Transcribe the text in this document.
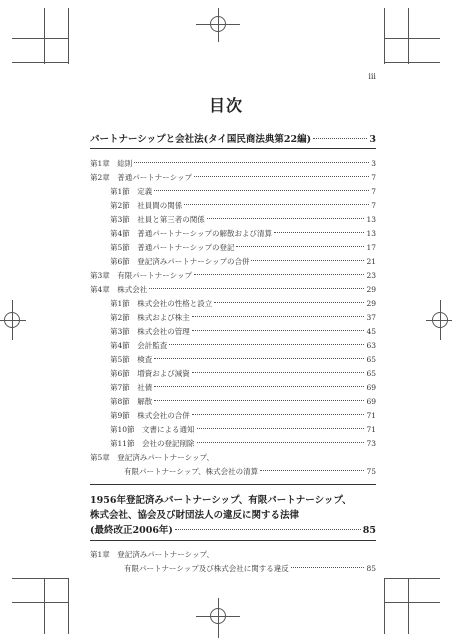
iii
目次
パートナーシップと会社法(タイ国民商法典第22編)	3
第1章　総則	3
第2章　普通パートナーシップ	7
第1節　定義	7
第2節　社員間の関係	7
第3節　社員と第三者の関係	13
第4節　普通パートナーシップの解散および清算	13
第5節　普通パートナーシップの登記	17
第6節　登記済みパートナーシップの合併	21
第3章　有限パートナーシップ	23
第4章　株式会社	29
第1節　株式会社の性格と設立	29
第2節　株式および株主	37
第3節　株式会社の管理	45
第4節　会計監査	63
第5節　検査	65
第6節　増資および減資	65
第7節　社債	69
第8節　解散	69
第9節　株式会社の合併	71
第10節　文書による通知	71
第11節　会社の登記削除	73
第5章　登記済みパートナーシップ、
有限パートナーシップ、株式会社の清算	75
1956年登記済みパートナーシップ、有限パートナーシップ、
株式会社、協会及び財団法人の違反に関する法律
(最終改正2006年)	85
第1章　登記済みパートナーシップ、
有限パートナーシップ及び株式会社に関する違反	85
